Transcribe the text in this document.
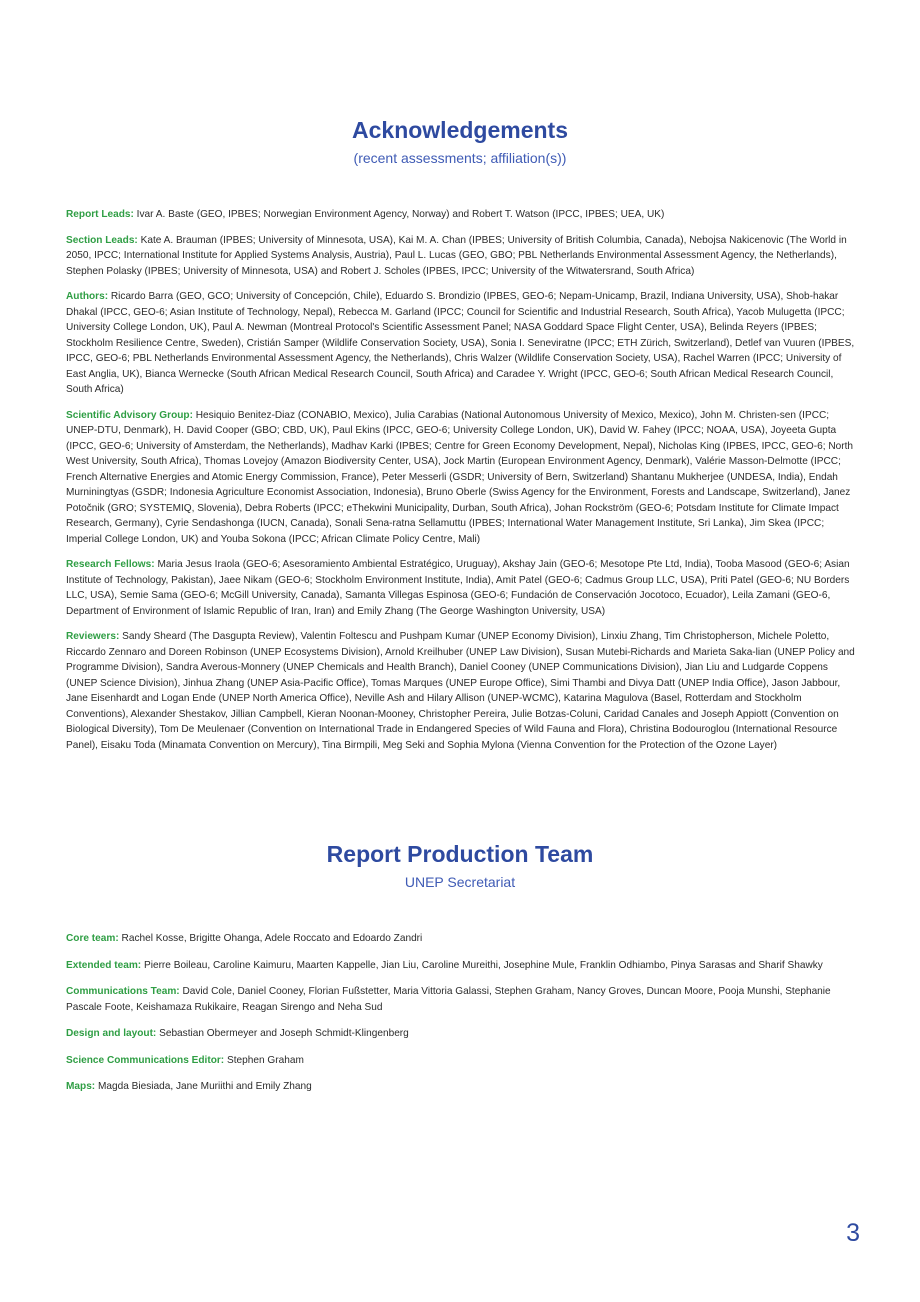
Acknowledgements

(recent assessments; affiliation(s))

Report Leads: Ivar A. Baste (GEO, IPBES; Norwegian Environment Agency, Norway) and Robert T. Watson (IPCC, IPBES; UEA, UK)

Section Leads: Kate A. Brauman (IPBES; University of Minnesota, USA), Kai M. A. Chan (IPBES; University of British Columbia, Canada), Nebojsa Nakicenovic (The World in 2050, IPCC; International Institute for Applied Systems Analysis, Austria), Paul L. Lucas (GEO, GBO; PBL Netherlands Environmental Assessment Agency, the Netherlands), Stephen Polasky (IPBES; University of Minnesota, USA) and Robert J. Scholes (IPBES, IPCC; University of the Witwatersrand, South Africa)

Authors: Ricardo Barra (GEO, GCO; University of Concepción, Chile), Eduardo S. Brondizio (IPBES, GEO-6; Nepam-Unicamp, Brazil, Indiana University, USA), Shob-hakar Dhakal (IPCC, GEO-6; Asian Institute of Technology, Nepal), Rebecca M. Garland (IPCC; Council for Scientific and Industrial Research, South Africa), Yacob Mulugetta (IPCC; University College London, UK), Paul A. Newman (Montreal Protocol's Scientific Assessment Panel; NASA Goddard Space Flight Center, USA), Belinda Reyers (IPBES; Stockholm Resilience Centre, Sweden), Cristián Samper (Wildlife Conservation Society, USA), Sonia I. Seneviratne (IPCC; ETH Zürich, Switzerland), Detlef van Vuuren (IPBES, IPCC, GEO-6; PBL Netherlands Environmental Assessment Agency, the Netherlands), Chris Walzer (Wildlife Conservation Society, USA), Rachel Warren (IPCC; University of East Anglia, UK), Bianca Wernecke (South African Medical Research Council, South Africa) and Caradee Y. Wright (IPCC, GEO-6; South African Medical Research Council, South Africa)

Scientific Advisory Group: Hesiquio Benitez-Diaz (CONABIO, Mexico), Julia Carabias (National Autonomous University of Mexico, Mexico), John M. Christen-sen (IPCC; UNEP-DTU, Denmark), H. David Cooper (GBO; CBD, UK), Paul Ekins (IPCC, GEO-6; University College London, UK), David W. Fahey (IPCC; NOAA, USA), Joyeeta Gupta (IPCC, GEO-6; University of Amsterdam, the Netherlands), Madhav Karki (IPBES; Centre for Green Economy Development, Nepal), Nicholas King (IPBES, IPCC, GEO-6; North West University, South Africa), Thomas Lovejoy (Amazon Biodiversity Center, USA), Jock Martin (European Environment Agency, Denmark), Valérie Masson-Delmotte (IPCC; French Alternative Energies and Atomic Energy Commission, France), Peter Messerli (GSDR; University of Bern, Switzerland) Shantanu Mukherjee (UNDESA, India), Endah Murniningtyas (GSDR; Indonesia Agriculture Economist Association, Indonesia), Bruno Oberle (Swiss Agency for the Environment, Forests and Landscape, Switzerland), Janez Potočnik (GRO; SYSTEMIQ, Slovenia), Debra Roberts (IPCC; eThekwini Municipality, Durban, South Africa), Johan Rockström (GEO-6; Potsdam Institute for Climate Impact Research, Germany), Cyrie Sendashonga (IUCN, Canada), Sonali Sena-ratna Sellamuttu (IPBES; International Water Management Institute, Sri Lanka), Jim Skea (IPCC; Imperial College London, UK) and Youba Sokona (IPCC; African Climate Policy Centre, Mali)

Research Fellows: Maria Jesus Iraola (GEO-6; Asesoramiento Ambiental Estratégico, Uruguay), Akshay Jain (GEO-6; Mesotope Pte Ltd, India), Tooba Masood (GEO-6; Asian Institute of Technology, Pakistan), Jaee Nikam (GEO-6; Stockholm Environment Institute, India), Amit Patel (GEO-6; Cadmus Group LLC, USA), Priti Patel (GEO-6; NU Borders LLC, USA), Semie Sama (GEO-6; McGill University, Canada), Samanta Villegas Espinosa (GEO-6; Fundación de Conservación Jocotoco, Ecuador), Leila Zamani (GEO-6, Department of Environment of Islamic Republic of Iran, Iran) and Emily Zhang (The George Washington University, USA)

Reviewers: Sandy Sheard (The Dasgupta Review), Valentin Foltescu and Pushpam Kumar (UNEP Economy Division), Linxiu Zhang, Tim Christopherson, Michele Poletto, Riccardo Zennaro and Doreen Robinson (UNEP Ecosystems Division), Arnold Kreilhuber (UNEP Law Division), Susan Mutebi-Richards and Marieta Saka-lian (UNEP Policy and Programme Division), Sandra Averous-Monnery (UNEP Chemicals and Health Branch), Daniel Cooney (UNEP Communications Division), Jian Liu and Ludgarde Coppens (UNEP Science Division), Jinhua Zhang (UNEP Asia-Pacific Office), Tomas Marques (UNEP Europe Office), Simi Thambi and Divya Datt (UNEP India Office), Jason Jabbour, Jane Eisenhardt and Logan Ende (UNEP North America Office), Neville Ash and Hilary Allison (UNEP-WCMC), Katarina Magulova (Basel, Rotterdam and Stockholm Conventions), Alexander Shestakov, Jillian Campbell, Kieran Noonan-Mooney, Christopher Pereira, Julie Botzas-Coluni, Caridad Canales and Joseph Appiott (Convention on Biological Diversity), Tom De Meulenaer (Convention on International Trade in Endangered Species of Wild Fauna and Flora), Christina Bodouroglou (International Resource Panel), Eisaku Toda (Minamata Convention on Mercury), Tina Birmpili, Meg Seki and Sophia Mylona (Vienna Convention for the Protection of the Ozone Layer)

Report Production Team

UNEP Secretariat

Core team: Rachel Kosse, Brigitte Ohanga, Adele Roccato and Edoardo Zandri

Extended team: Pierre Boileau, Caroline Kaimuru, Maarten Kappelle, Jian Liu, Caroline Mureithi, Josephine Mule, Franklin Odhiambo, Pinya Sarasas and Sharif Shawky

Communications Team: David Cole, Daniel Cooney, Florian Fußstetter, Maria Vittoria Galassi, Stephen Graham, Nancy Groves, Duncan Moore, Pooja Munshi, Stephanie Pascale Foote, Keishamaza Rukikaire, Reagan Sirengo and Neha Sud

Design and layout: Sebastian Obermeyer and Joseph Schmidt-Klingenberg

Science Communications Editor: Stephen Graham

Maps: Magda Biesiada, Jane Muriithi and Emily Zhang

3
